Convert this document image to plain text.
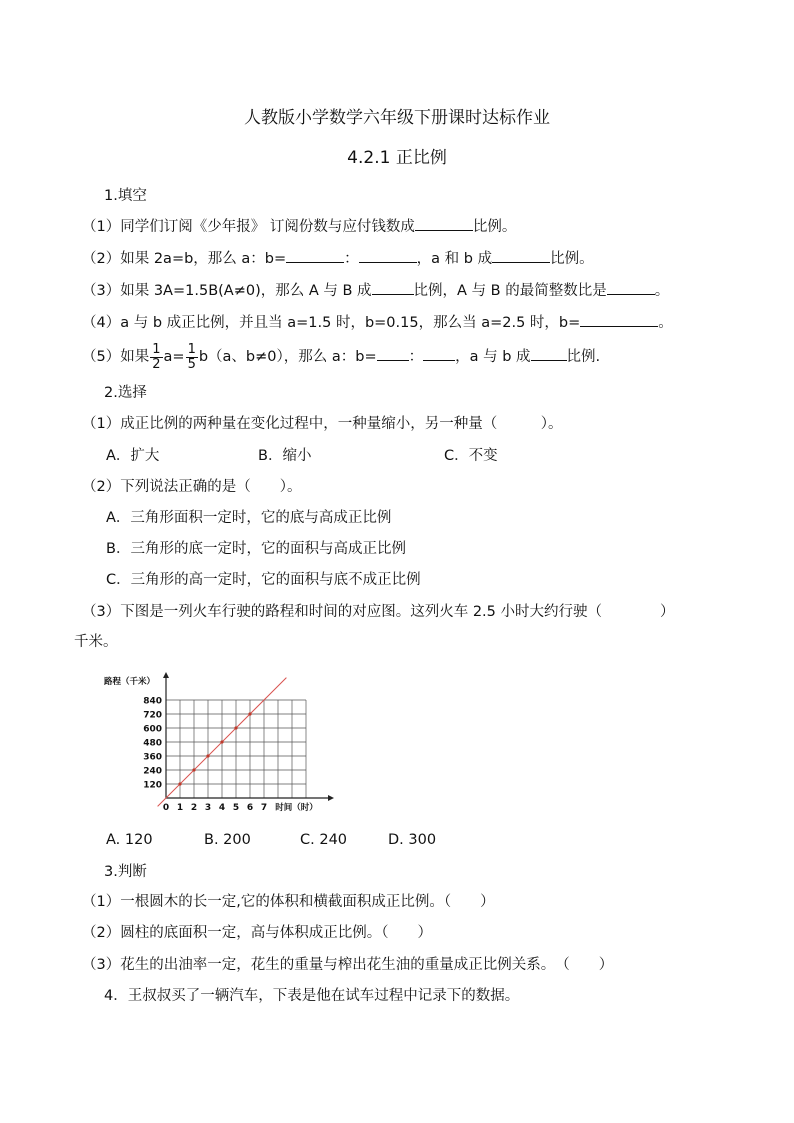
人教版小学数学六年级下册课时达标作业
4.2.1 正比例
1.填空
（1）同学们订阅《少年报》 订阅份数与应付钱数成	比例。
（2）如果 2a=b，那么 a：b=	：	，a 和 b 成	比例。
（3）如果 3A=1.5B(A≠0)，那么 A 与 B 成	比例，A 与 B 的最简整数比是	。
（4）a 与 b 成正比例，并且当 a=1.5 时，b=0.15，那么当 a=2.5 时，b=	。
（5）如果 $\frac{1}{2} a= \frac{1}{5} b(a$、b≠0），那么 a：b= ： ，a 与 b 成 比例.
2.选择
（1）成正比例的两种量在变化过程中，一种量缩小，另一种量（　　　）。
A．扩大	B．缩小	C．不变
（2）下列说法正确的是（　　）。
A．三角形面积一定时，它的底与高成正比例
B．三角形的底一定时，它的面积与高成正比例
C．三角形的高一定时，它的面积与底不成正比例
（3）下图是一列火车行驶的路程和时间的对应图。这列火车 2.5 小时大约行驶（　　　　）
千米。
120
240
360
480
600
720
840
0 1 2 3 4 5 6 7
路程（千米）
时间（时）
A. 120	B. 200	C. 240	D. 300
3.判断
（1）一根圆木的长一定,它的体积和横截面积成正比例。（　　）
（2）圆柱的底面积一定，高与体积成正比例。（　　）
（3）花生的出油率一定，花生的重量与榨出花生油的重量成正比例关系。　（　　）
4．王叔叔买了一辆汽车，下表是他在试车过程中记录下的数据。
